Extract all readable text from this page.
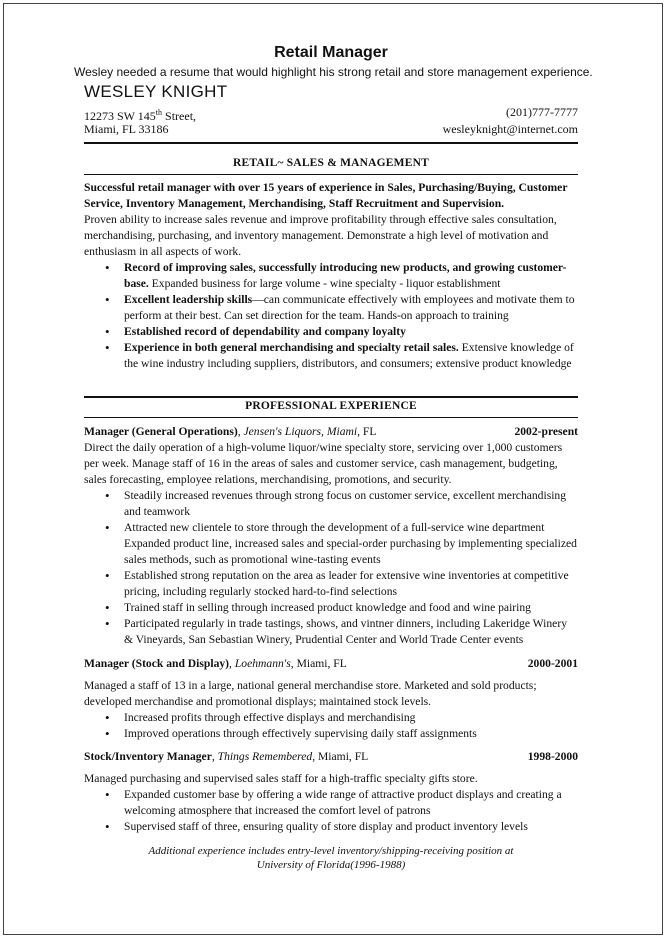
Retail Manager
Wesley needed a resume that would highlight his strong retail and store management experience.
WESLEY KNIGHT
12273 SW 145th Street,	(201)777-7777
Miami, FL 33186	wesleyknight@internet.com
RETAIL~ SALES & MANAGEMENT

Successful retail manager with over 15 years of experience in Sales, Purchasing/Buying, Customer Service, Inventory Management, Merchandising, Staff Recruitment and Supervision.

Proven ability to increase sales revenue and improve profitability through effective sales consultation, merchandising, purchasing, and inventory management. Demonstrate a high level of motivation and enthusiasm in all aspects of work.

• Record of improving sales, successfully introducing new products, and growing customer-base. Expanded business for large volume - wine specialty - liquor establishment
• Excellent leadership skills—can communicate effectively with employees and motivate them to perform at their best. Can set direction for the team. Hands-on approach to training
• Established record of dependability and company loyalty
• Experience in both general merchandising and specialty retail sales. Extensive knowledge of the wine industry including suppliers, distributors, and consumers; extensive product knowledge
PROFESSIONAL EXPERIENCE
Manager (General Operations), Jensen's Liquors, Miami, FL	2002-present

Direct the daily operation of a high-volume liquor/wine specialty store, servicing over 1,000 customers per week. Manage staff of 16 in the areas of sales and customer service, cash management, budgeting, sales forecasting, employee relations, merchandising, promotions, and security.

• Steadily increased revenues through strong focus on customer service, excellent merchandising and teamwork
• Attracted new clientele to store through the development of a full-service wine department Expanded product line, increased sales and special-order purchasing by implementing specialized sales methods, such as promotional wine-tasting events
• Established strong reputation on the area as leader for extensive wine inventories at competitive pricing, including regularly stocked hard-to-find selections
• Trained staff in selling through increased product knowledge and food and wine pairing
• Participated regularly in trade tastings, shows, and vintner dinners, including Lakeridge Winery & Vineyards, San Sebastian Winery, Prudential Center and World Trade Center events
Manager (Stock and Display), Loehmann's, Miami, FL	2000-2001

Managed a staff of 13 in a large, national general merchandise store. Marketed and sold products; developed merchandise and promotional displays; maintained stock levels.

• Increased profits through effective displays and merchandising
• Improved operations through effectively supervising daily staff assignments
Stock/Inventory Manager, Things Remembered, Miami, FL	1998-2000

Managed purchasing and supervised sales staff for a high-traffic specialty gifts store.

• Expanded customer base by offering a wide range of attractive product displays and creating a welcoming atmosphere that increased the comfort level of patrons
• Supervised staff of three, ensuring quality of store display and product inventory levels
Additional experience includes entry-level inventory/shipping-receiving position at
University of Florida(1996-1988)
